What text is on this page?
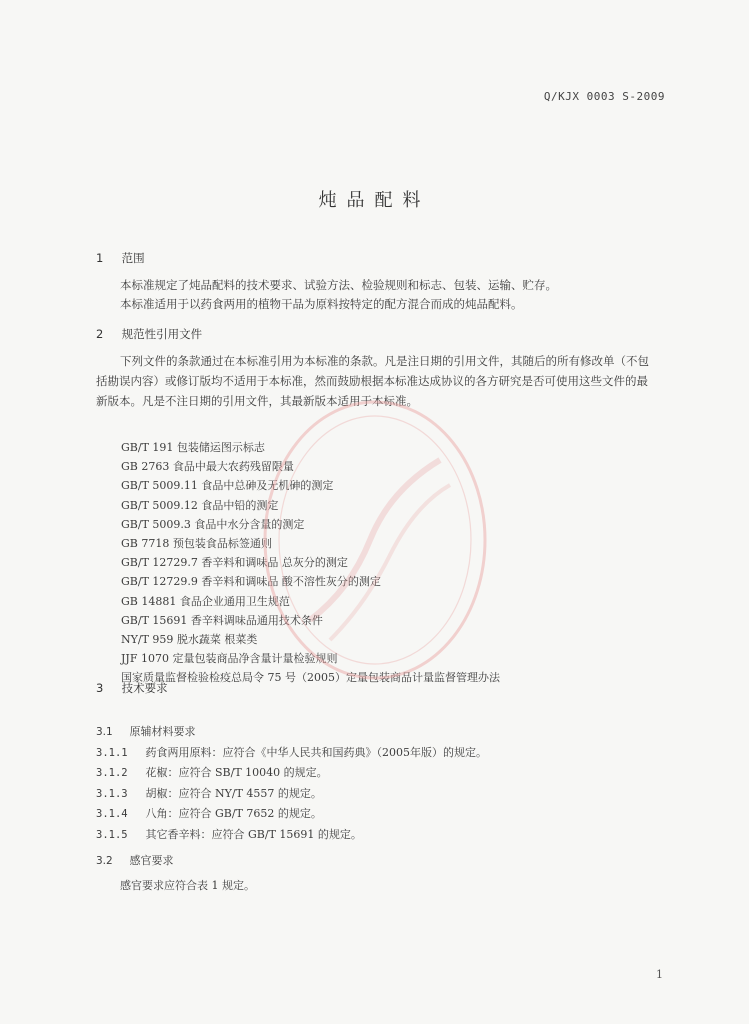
Q/KJX 0003 S-2009
炖品配料
1 范围
本标准规定了炖品配料的技术要求、试验方法、检验规则和标志、包装、运输、贮存。
本标准适用于以药食两用的植物干品为原料按特定的配方混合而成的炖品配料。
2 规范性引用文件
下列文件的条款通过在本标准引用为本标准的条款。凡是注日期的引用文件，其随后的所有修改单（不包括勘误内容）或修订版均不适用于本标准，然而鼓励根据本标准达成协议的各方研究是否可使用这些文件的最新版本。凡是不注日期的引用文件，其最新版本适用于本标准。
GB/T 191 包装储运图示标志
GB 2763 食品中最大农药残留限量
GB/T 5009.11 食品中总砷及无机砷的测定
GB/T 5009.12 食品中铅的测定
GB/T 5009.3 食品中水分含量的测定
GB 7718 预包装食品标签通则
GB/T 12729.7 香辛料和调味品 总灰分的测定
GB/T 12729.9 香辛料和调味品 酸不溶性灰分的测定
GB 14881 食品企业通用卫生规范
GB/T 15691 香辛料调味品通用技术条件
NY/T 959 脱水蔬菜 根菜类
JJF 1070 定量包装商品净含量计量检验规则
国家质量监督检验检疫总局令 75 号（2005）定量包装商品计量监督管理办法
3 技术要求
3.1 原辅材料要求
3.1.1 药食两用原料：应符合《中华人民共和国药典》（2005年版）的规定。
3.1.2 花椒：应符合 SB/T 10040 的规定。
3.1.3 胡椒：应符合 NY/T 4557 的规定。
3.1.4 八角：应符合 GB/T 7652 的规定。
3.1.5 其它香辛料：应符合 GB/T 15691 的规定。
3.2 感官要求
感官要求应符合表 1 规定。
1
